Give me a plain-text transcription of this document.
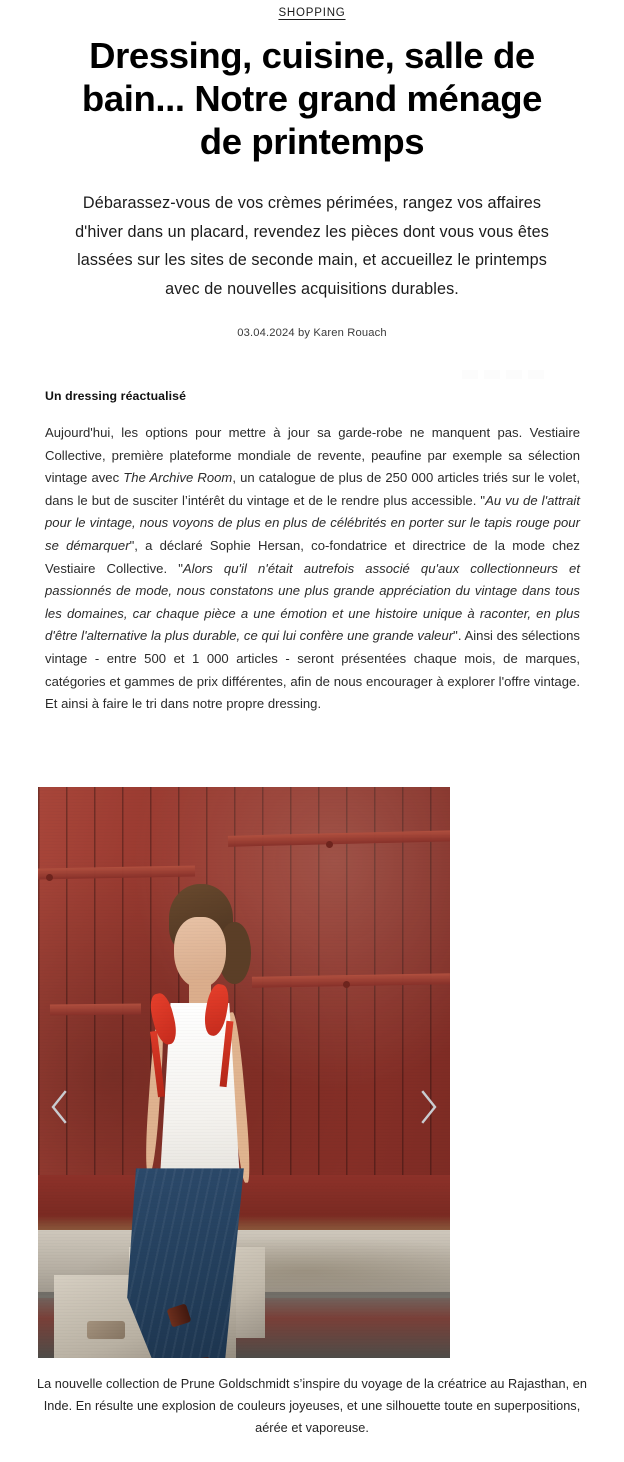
SHOPPING
Dressing, cuisine, salle de bain... Notre grand ménage de printemps

Débarassez-vous de vos crèmes périmées, rangez vos affaires d'hiver dans un placard, revendez les pièces dont vous vous êtes lassées sur les sites de seconde main, et accueillez le printemps avec de nouvelles acquisitions durables.

03.04.2024 by Karen Rouach
Un dressing réactualisé

Aujourd'hui, les options pour mettre à jour sa garde-robe ne manquent pas. Vestiaire Collective, première plateforme mondiale de revente, peaufine par exemple sa sélection vintage avec The Archive Room, un catalogue de plus de 250 000 articles triés sur le volet, dans le but de susciter l’intérêt du vintage et de le rendre plus accessible. "Au vu de l'attrait pour le vintage, nous voyons de plus en plus de célébrités en porter sur le tapis rouge pour se démarquer", a déclaré Sophie Hersan, co-fondatrice et directrice de la mode chez Vestiaire Collective. "Alors qu'il n'était autrefois associé qu'aux collectionneurs et passionnés de mode, nous constatons une plus grande appréciation du vintage dans tous les domaines, car chaque pièce a une émotion et une histoire unique à raconter, en plus d'être l'alternative la plus durable, ce qui lui confère une grande valeur". Ainsi des sélections vintage - entre 500 et 1 000 articles - seront présentées chaque mois, de marques, catégories et gammes de prix différentes, afin de nous encourager à explorer l'offre vintage. Et ainsi à faire le tri dans notre propre dressing.

La nouvelle collection de Prune Goldschmidt s’inspire du voyage de la créatrice au Rajasthan, en Inde. En résulte une explosion de couleurs joyeuses, et une silhouette toute en superpositions, aérée et vaporeuse.
